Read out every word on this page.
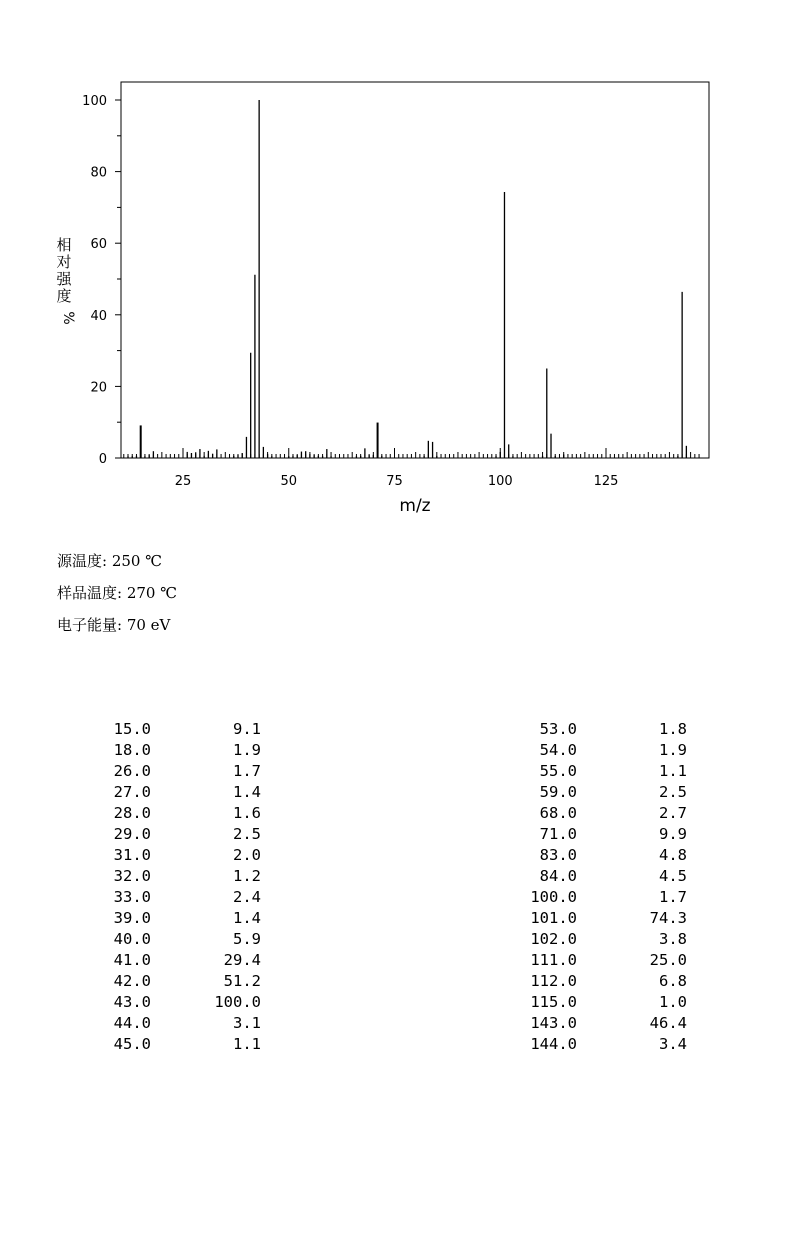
0
20
40
60
80
100
25	50	75	100	125
m/z
相
对
强
度
%
源温度: 250 ℃
样品温度: 270 ℃
电子能量: 70 eV
15.0	9.1
18.0	1.9
26.0	1.7
27.0	1.4
28.0	1.6
29.0	2.5
31.0	2.0
32.0	1.2
33.0	2.4
39.0	1.4
40.0	5.9
41.0	29.4
42.0	51.2
43.0	100.0
44.0	3.1
45.0	1.1
53.0	1.8
54.0	1.9
55.0	1.1
59.0	2.5
68.0	2.7
71.0	9.9
83.0	4.8
84.0	4.5
100.0	1.7
101.0	74.3
102.0	3.8
111.0	25.0
112.0	6.8
115.0	1.0
143.0	46.4
144.0	3.4
